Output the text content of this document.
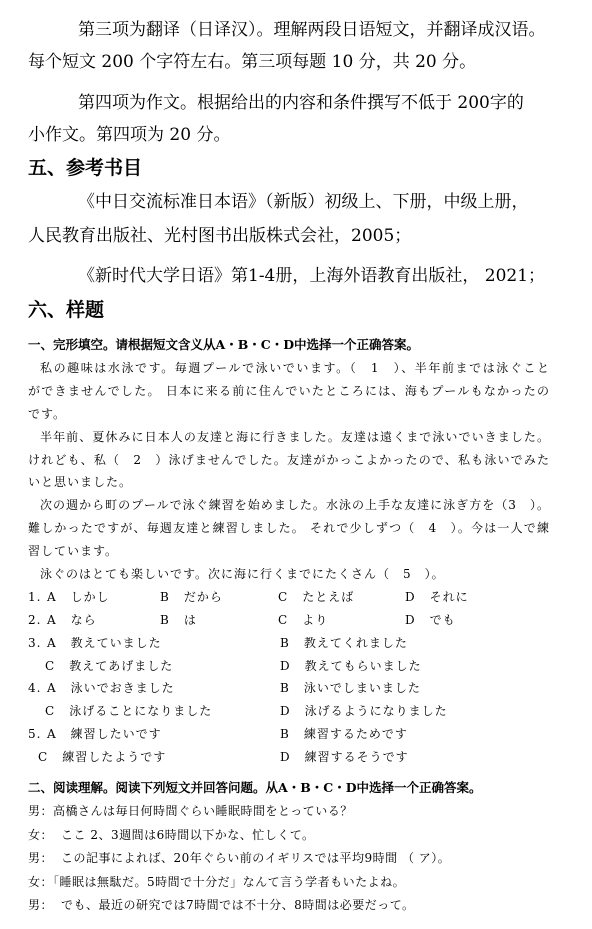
第三项为翻译（日译汉）。理解两段日语短文，并翻译成汉语。
每个短文 200 个字符左右。第三项每题 10 分，共 20 分。
第四项为作文。根据给出的内容和条件撰写不低于 200字的
小作文。第四项为 20 分。
五、参考书目
《中日交流标准日本语》（新版）初级上、下册，中级上册，
人民教育出版社、光村图书出版株式会社，2005；
《新时代大学日语》第1-4册，上海外语教育出版社， 2021；
六、样题
一、完形填空。请根据短文含义从A・B・C・D中选择一个正确答案。
私の趣味は水泳です。毎週プールで泳いでいます。（　1　）、半年前までは泳ぐこと
ができませんでした。 日本に来る前に住んでいたところには、海もプールもなかったの
です。
半年前、夏休みに日本人の友達と海に行きました。友達は遠くまで泳いでいきました。
けれども、私（　2　）泳げませんでした。友達がかっこよかったので、私も泳いでみた
いと思いました。
次の週から町のプールで泳ぐ練習を始めました。水泳の上手な友達に泳ぎ方を（3　）。
難しかったですが、毎週友達と練習しました。 それで少しずつ（　4　）。今は一人で練
習しています。
泳ぐのはとても楽しいです。次に海に行くまでにたくさん（　5　）。
1. A しかし	B だから	C たとえば	D それに
2. A なら	B は	C より	D でも
3. A 教えていました	B 教えてくれました
C 教えてあげました	D 教えてもらいました
4. A 泳いでおきました	B 泳いでしまいました
C 泳げることになりました	D 泳げるようになりました
5. A 練習したいです	B 練習するためです
C 練習したようです	D 練習するそうです
二、阅读理解。阅读下列短文并回答问题。从A・B・C・D中选择一个正确答案。
男：高橋さんは毎日何時間ぐらい睡眠時間をとっている？
女： ここ 2、3週間は6時間以下かな、忙しくて。
男： この記事によれば、20年ぐらい前のイギリスでは平均9時間 （ ア）。
女：「睡眠は無駄だ。5時間で十分だ」なんて言う学者もいたよね。
男： でも、最近の研究では7時間では不十分、8時間は必要だって。
